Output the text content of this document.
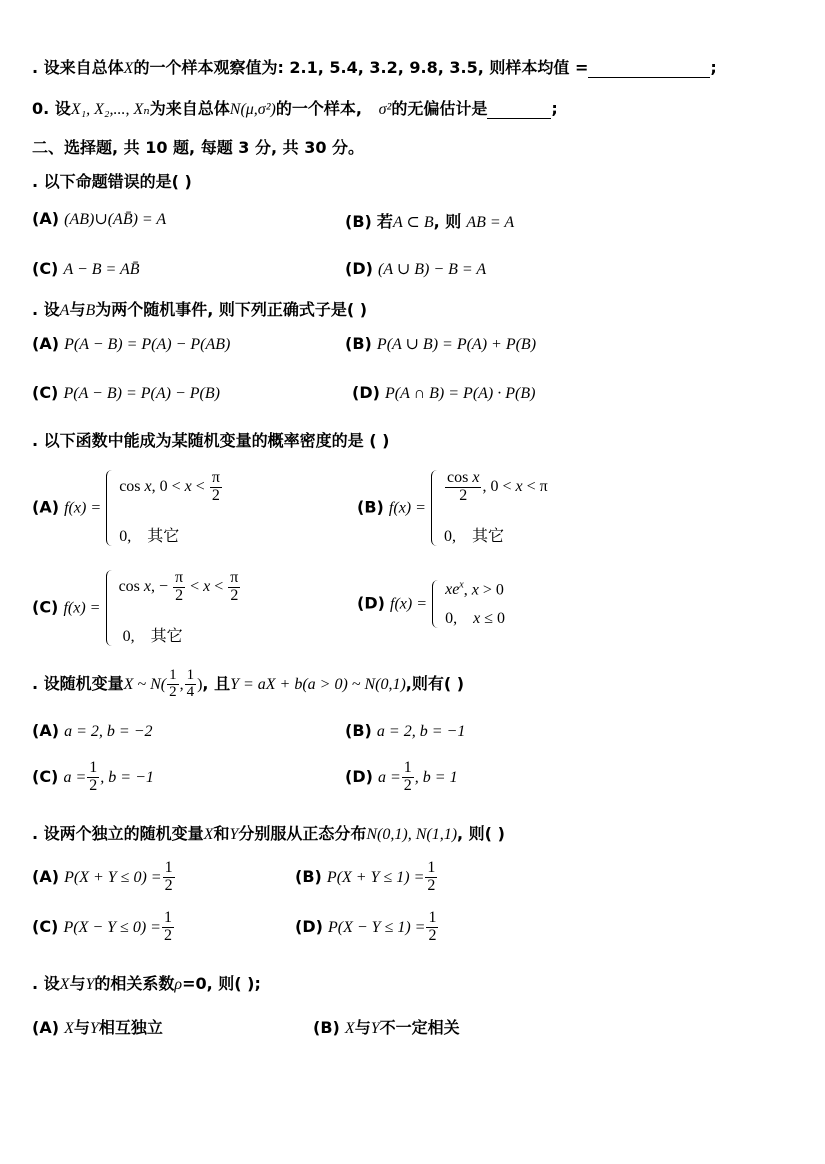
. 设来自总体X的一个样本观察值为: 2.1, 5.4, 3.2, 9.8, 3.5, 则样本均值 =	;
0. 设X₁, X₂,..., Xₙ为来自总体N(μ,σ²)的一个样本, σ²的无偏估计是	;
二、选择题, 共 10 题, 每题 3 分, 共 30 分。
. 以下命题错误的是( )
(A) (AB)∪(AB̄) = A	(B) 若A ⊂ B, 则 AB = A
(C) A − B = AB̄	(D) (A ∪ B) − B = A
. 设A与B为两个随机事件, 则下列正确式子是( )
(A) P(A − B) = P(A) − P(AB)	(B) P(A ∪ B) = P(A) + P(B)
(C) P(A − B) = P(A) − P(B)	(D) P(A ∩ B) = P(A) · P(B)
. 以下函数中能成为某随机变量的概率密度的是 ( )
(A) f(x) =
cos x, $0 < x < \frac{\pi}{2}$
0, 其它
(B) f(x) =
$\frac{\text{cos x}}{2}$ , 0 < x < π
0, 其它
(C) f(x) =
cos x, − $\frac{\pi}{2} < x < \frac{\pi}{2}$
0, 其它
(D) f(x) =
$xe^x$, x > 0
0,    x ≤ 0
. 设随机变量X ~ $N( \frac{1}{2}$ , $\frac{1}{4}$ ), 且Y = aX + b(a > 0) ~ N(0,1),则有( )
(A) a = 2, b = −2	(B) a = 2, b = −1
(C) $a = \frac{1}{2}$ , b = −1	(D) $a = \frac{1}{2}$ , b = 1
. 设两个独立的随机变量X和Y分别服从正态分布N(0,1), N(1,1), 则( )
(A) $P(X + Y \le 0) = \frac{1}{2}$	(B) $P(X + Y \le 1) = \frac{1}{2}$
(C) $P(X - Y \le 0) = \frac{1}{2}$	(D) $P(X - Y \le 1) = \frac{1}{2}$
. 设X与Y的相关系数ρ=0, 则( );
(A) X与Y相互独立	(B) X与Y不一定相关
